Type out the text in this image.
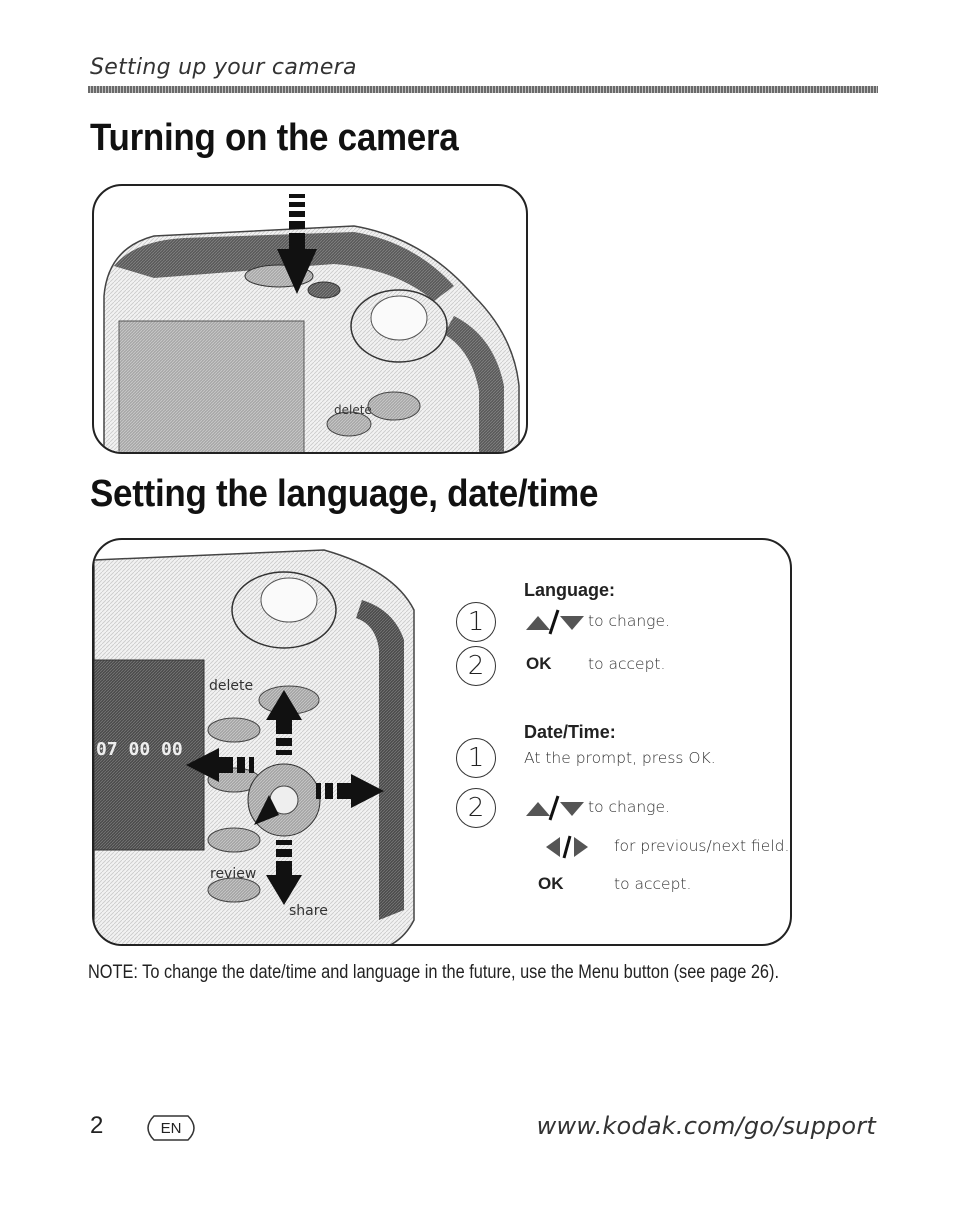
Setting up your camera
Turning on the camera
delete
Setting the language, date/time
07 00 00
delete
review
share
Language:
1	to change.
2	OK to accept.
Date/Time:
1	At the prompt, press OK.
2	to change.
for previous/next field.
OK	to accept.
NOTE: To change the date/time and language in the future, use the Menu button (see page 26).
2	EN	www.kodak.com/go/support
